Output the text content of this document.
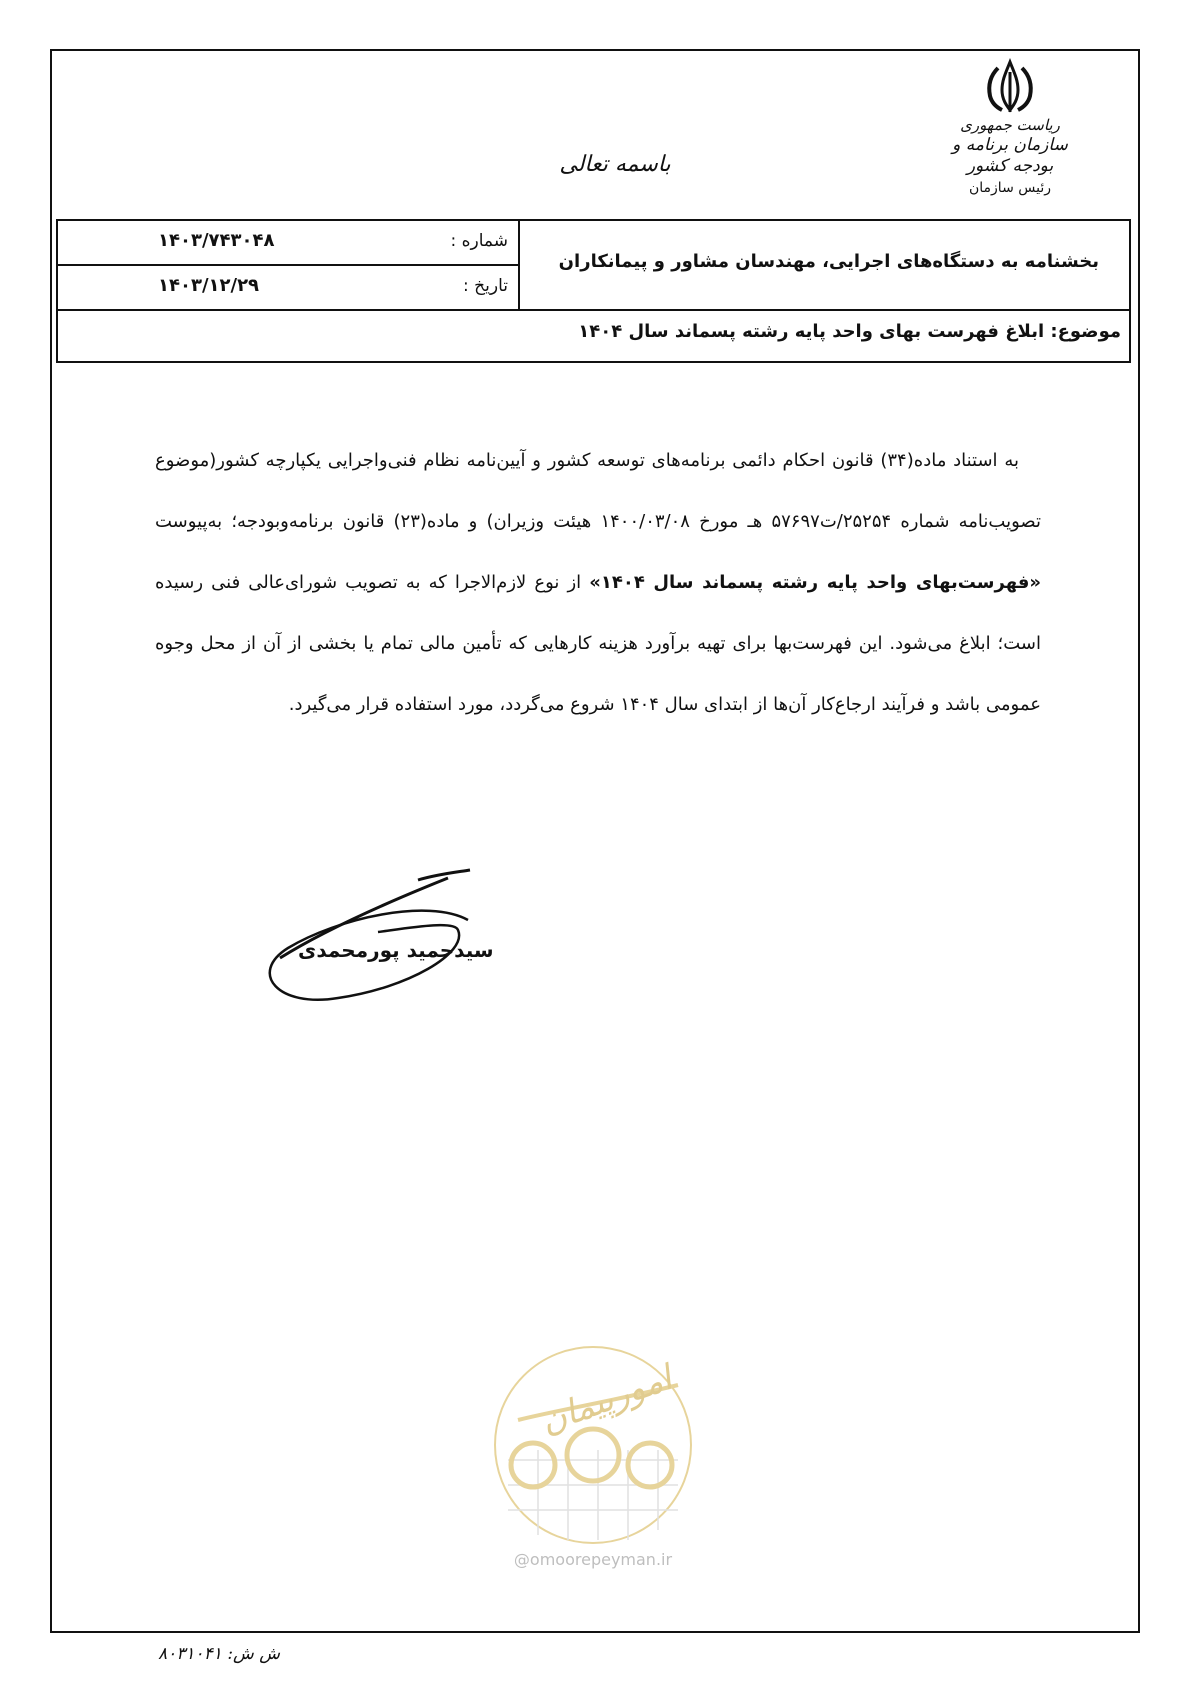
ریاست جمهوری
سازمان برنامه و بودجه کشور
رئیس سازمان
باسمه تعالی
شماره :
۱۴۰۳/۷۴۳۰۴۸
تاریخ :
۱۴۰۳/۱۲/۲۹
بخشنامه به دستگاه‌های اجرایی، مهندسان مشاور و پیمانکاران
موضوع: ابلاغ فهرست بهای واحد پایه رشته پسماند سال ۱۴۰۴

به استناد ماده(۳۴) قانون احکام دائمی برنامه‌های توسعه کشور و آیین‌نامه نظام فنی‌واجرایی یکپارچه کشور(موضوع تصویب‌نامه شماره ۲۵۲۵۴/ت۵۷۶۹۷ هـ مورخ ۱۴۰۰/۰۳/۰۸ هیئت وزیران) و ماده(۲۳) قانون برنامه‌وبودجه؛ به‌پیوست «فهرست‌بهای واحد پایه رشته پسماند سال ۱۴۰۴» از نوع لازم‌الاجرا که به تصویب شورای‌عالی فنی رسیده است؛ ابلاغ می‌شود. این فهرست‌بها برای تهیه برآورد هزینه کارهایی که تأمین مالی تمام یا بخشی از آن از محل وجوه عمومی باشد و فرآیند ارجاع‌کار آن‌ها از ابتدای سال ۱۴۰۴ شروع می‌گردد، مورد استفاده قرار می‌گیرد.

سیدحمید پورمحمدی
امورپیمان
@omoorepeyman.ir
ش ش: ۸۰۳۱۰۴۱
